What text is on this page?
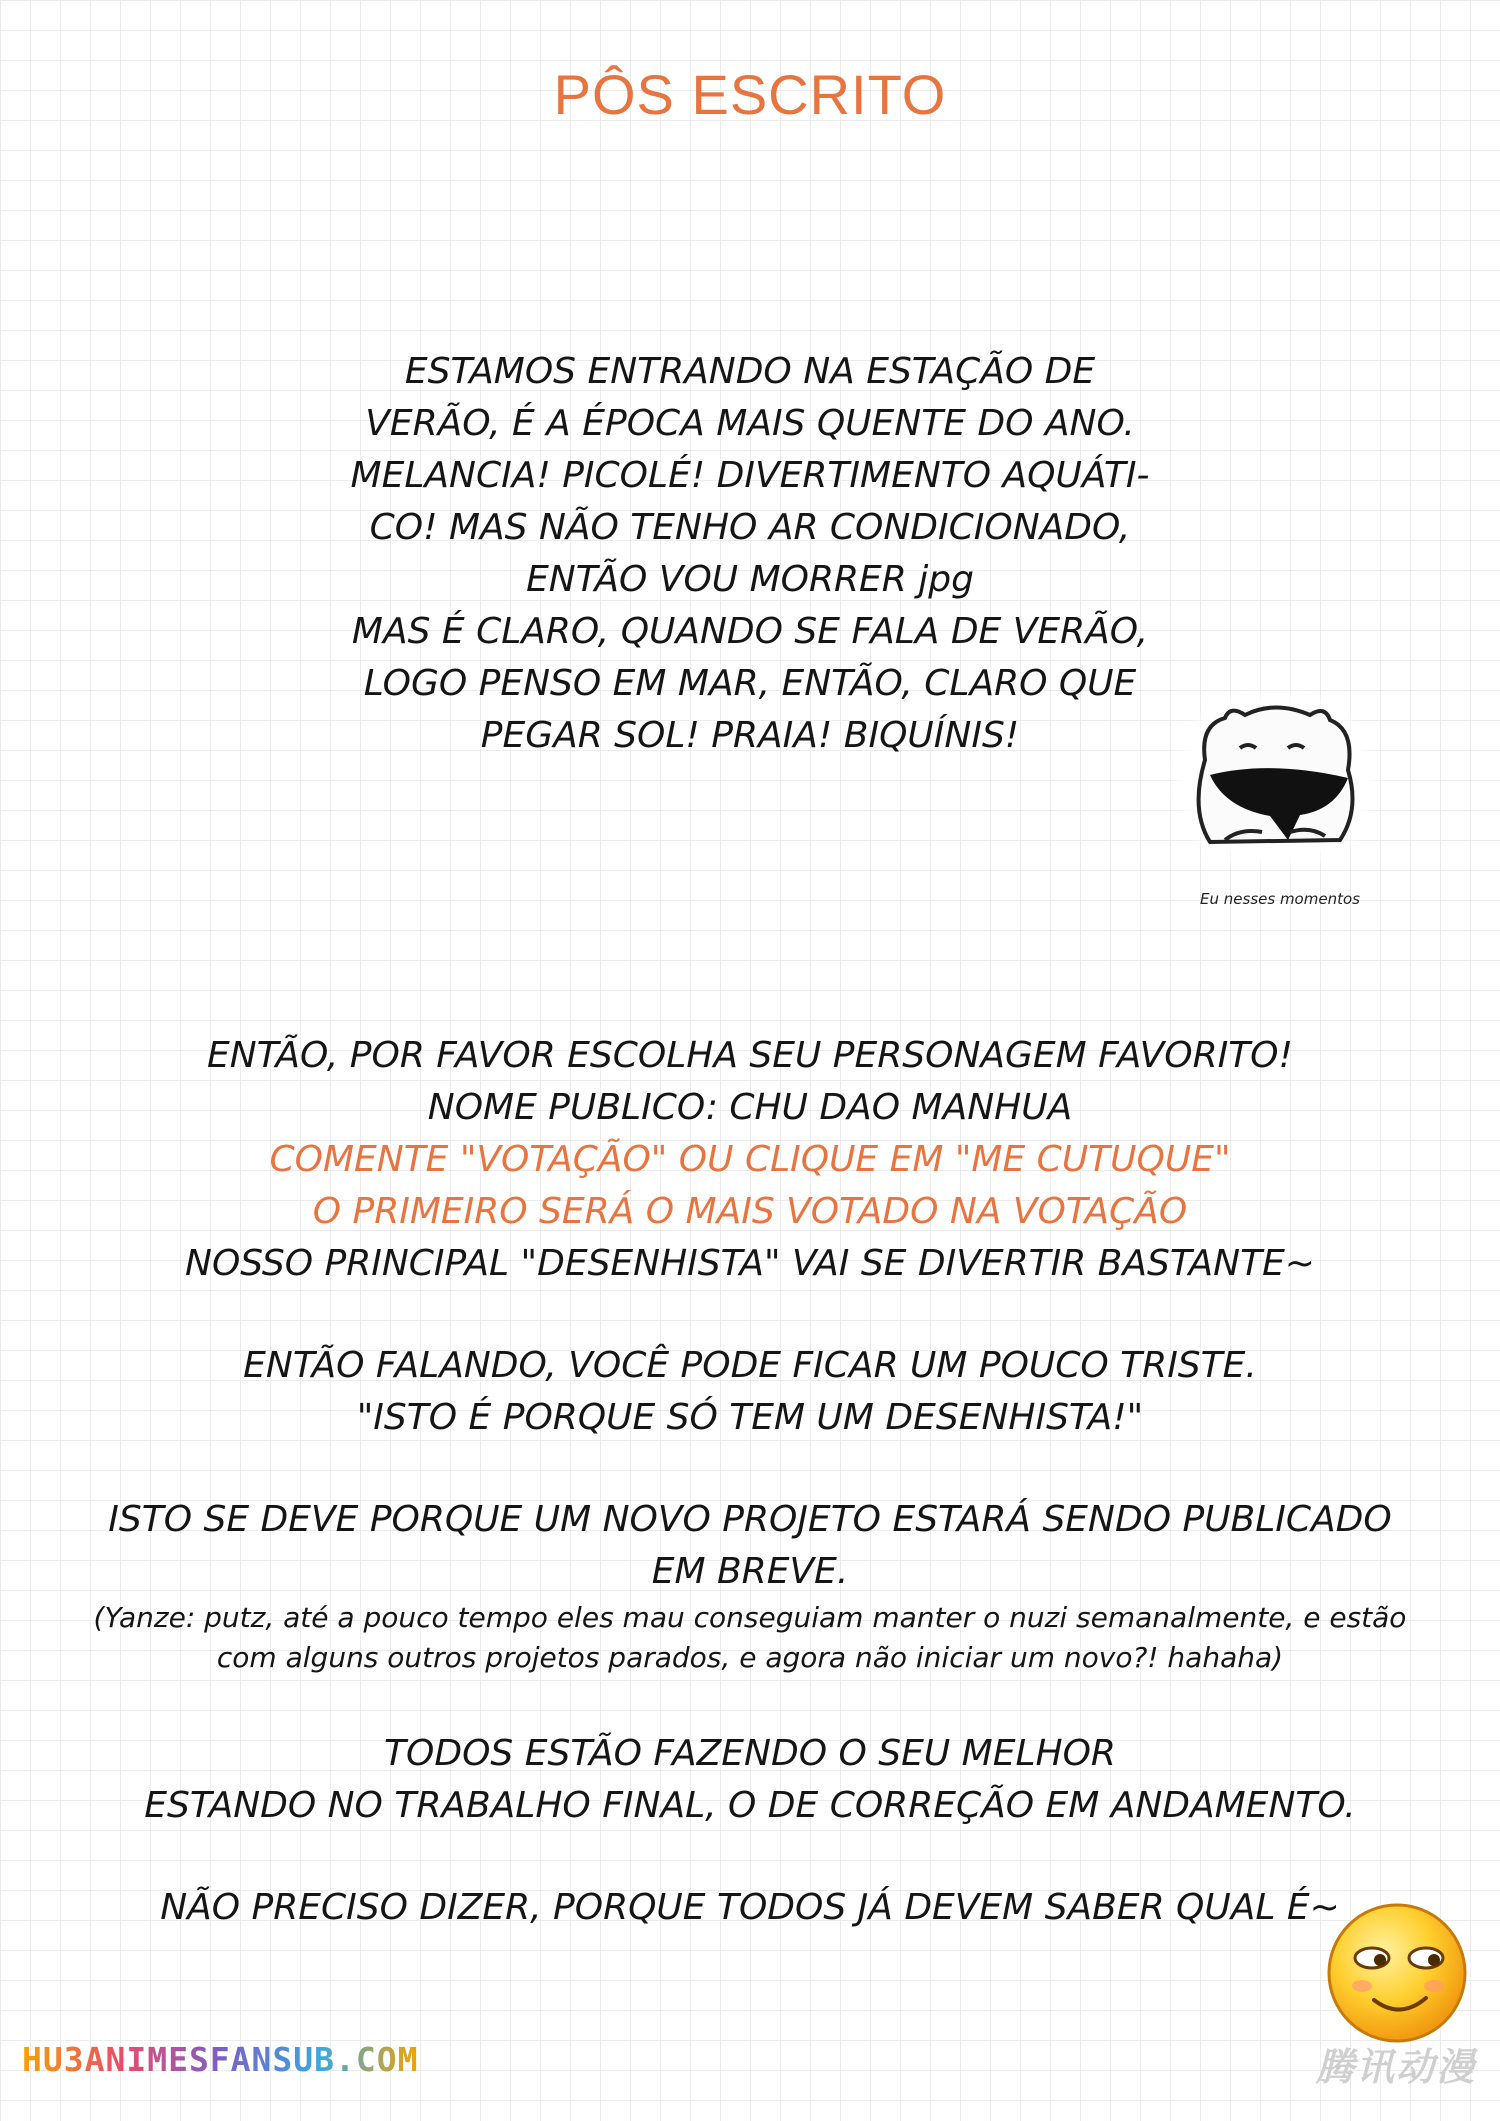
PÔS ESCRITO
ESTAMOS ENTRANDO NA ESTAÇÃO DE
VERÃO, É A ÉPOCA MAIS QUENTE DO ANO.
MELANCIA! PICOLÉ! DIVERTIMENTO AQUÁTI-
CO! MAS NÃO TENHO AR CONDICIONADO,
ENTÃO VOU MORRER jpg
MAS É CLARO, QUANDO SE FALA DE VERÃO,
LOGO PENSO EM MAR, ENTÃO, CLARO QUE
PEGAR SOL! PRAIA! BIQUÍNIS!
Eu nesses momentos
ENTÃO, POR FAVOR ESCOLHA SEU PERSONAGEM FAVORITO!
NOME PUBLICO: CHU DAO MANHUA
COMENTE "VOTAÇÃO" OU CLIQUE EM "ME CUTUQUE"
O PRIMEIRO SERÁ O MAIS VOTADO NA VOTAÇÃO
NOSSO PRINCIPAL "DESENHISTA" VAI SE DIVERTIR BASTANTE~
ENTÃO FALANDO, VOCÊ PODE FICAR UM POUCO TRISTE.
"ISTO É PORQUE SÓ TEM UM DESENHISTA!"
ISTO SE DEVE PORQUE UM NOVO PROJETO ESTARÁ SENDO PUBLICADO
EM BREVE.
(Yanze: putz, até a pouco tempo eles mau conseguiam manter o nuzi semanalmente, e estão
com alguns outros projetos parados, e agora não iniciar um novo?! hahaha)
TODOS ESTÃO FAZENDO O SEU MELHOR
ESTANDO NO TRABALHO FINAL, O DE CORREÇÃO EM ANDAMENTO.
NÃO PRECISO DIZER, PORQUE TODOS JÁ DEVEM SABER QUAL É~
HU3ANIMESFANSUB.COM	腾讯动漫
